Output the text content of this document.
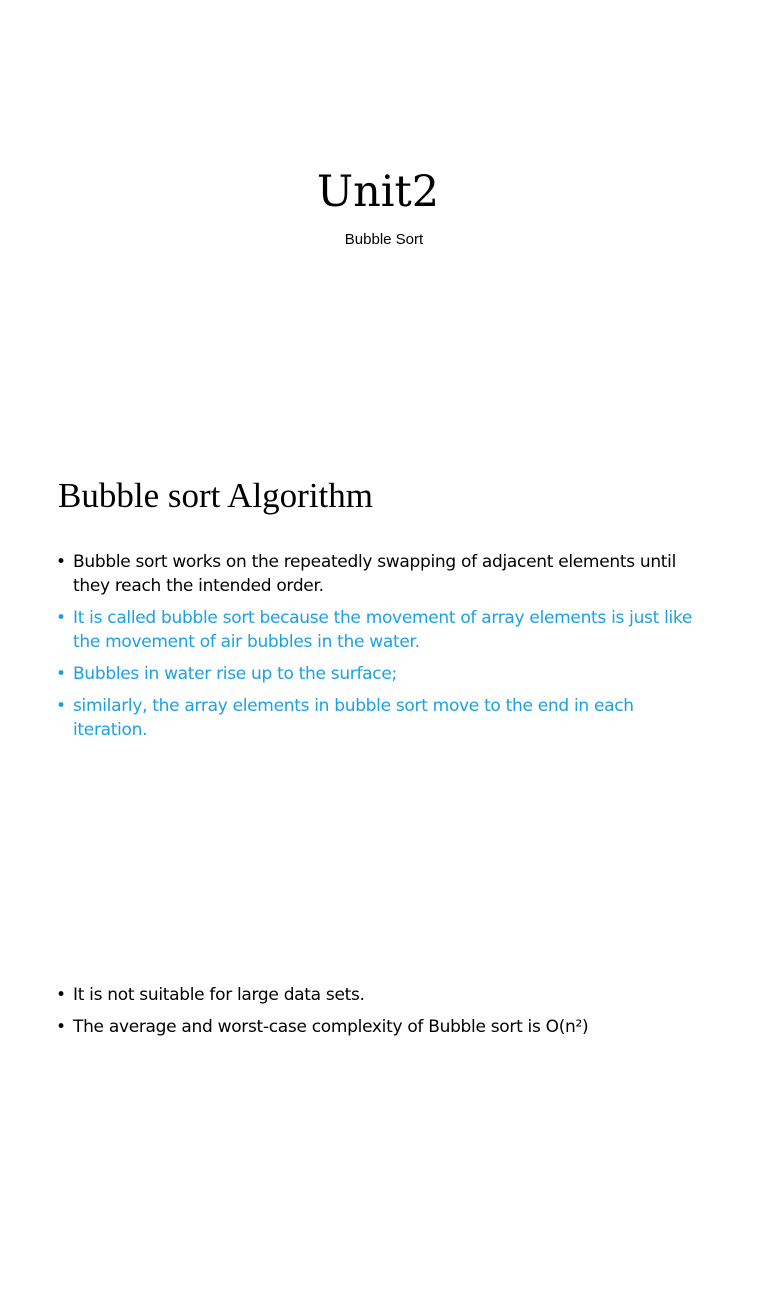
Unit2

Bubble Sort

Bubble sort Algorithm
• Bubble sort works on the repeatedly swapping of adjacent elements until they reach the intended order.
• It is called bubble sort because the movement of array elements is just like the movement of air bubbles in the water.
• Bubbles in water rise up to the surface;
• similarly, the array elements in bubble sort move to the end in each iteration.
• It is not suitable for large data sets.
• The average and worst-case complexity of Bubble sort is O(n²)
